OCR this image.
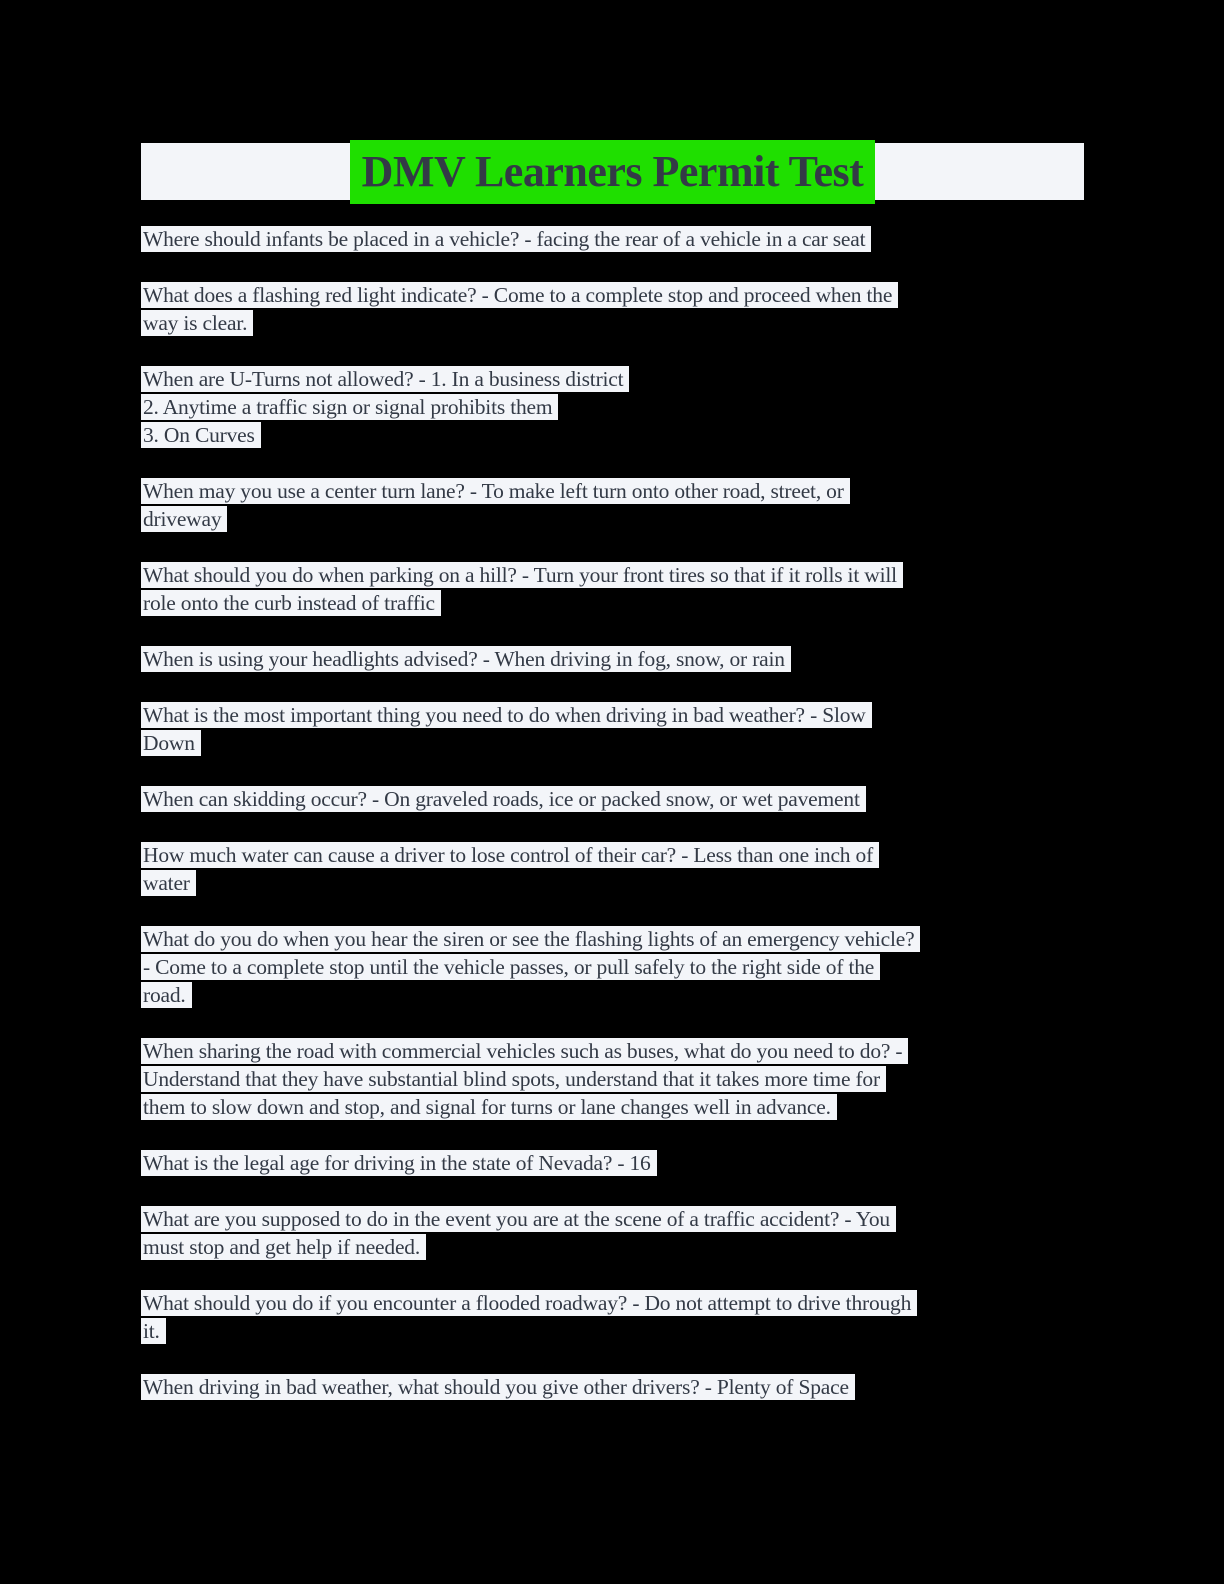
DMV Learners Permit Test
Where should infants be placed in a vehicle? - facing the rear of a vehicle in a car seat
What does a flashing red light indicate? - Come to a complete stop and proceed when the
way is clear.
When are U-Turns not allowed? - 1. In a business district
2. Anytime a traffic sign or signal prohibits them
3. On Curves
When may you use a center turn lane? - To make left turn onto other road, street, or
driveway
What should you do when parking on a hill? - Turn your front tires so that if it rolls it will
role onto the curb instead of traffic
When is using your headlights advised? - When driving in fog, snow, or rain
What is the most important thing you need to do when driving in bad weather? - Slow
Down
When can skidding occur? - On graveled roads, ice or packed snow, or wet pavement
How much water can cause a driver to lose control of their car? - Less than one inch of
water
What do you do when you hear the siren or see the flashing lights of an emergency vehicle?
- Come to a complete stop until the vehicle passes, or pull safely to the right side of the
road.
When sharing the road with commercial vehicles such as buses, what do you need to do? -
Understand that they have substantial blind spots, understand that it takes more time for
them to slow down and stop, and signal for turns or lane changes well in advance.
What is the legal age for driving in the state of Nevada? - 16
What are you supposed to do in the event you are at the scene of a traffic accident? - You
must stop and get help if needed.
What should you do if you encounter a flooded roadway? - Do not attempt to drive through
it.
When driving in bad weather, what should you give other drivers? - Plenty of Space
